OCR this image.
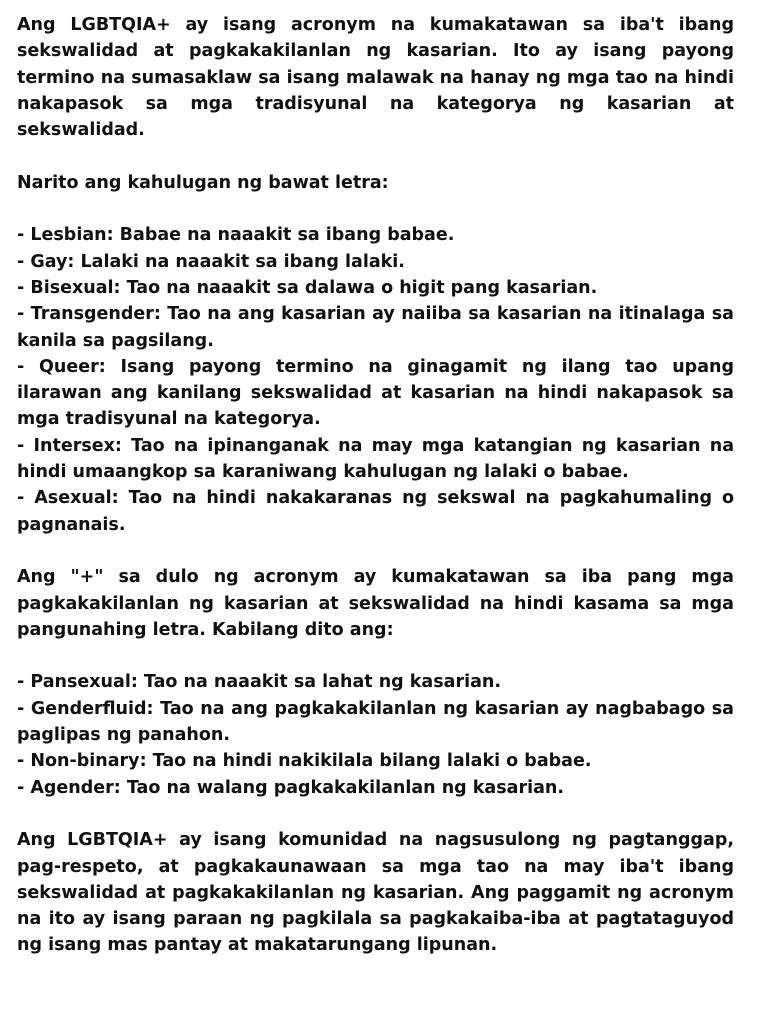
Ang LGBTQIA+ ay isang acronym na kumakatawan sa iba't ibang sekswalidad at pagkakakilanlan ng kasarian. Ito ay isang payong termino na sumasaklaw sa isang malawak na hanay ng mga tao na hindi nakapasok sa mga tradisyunal na kategorya ng kasarian at sekswalidad.

Narito ang kahulugan ng bawat letra:

- Lesbian: Babae na naaakit sa ibang babae.
- Gay: Lalaki na naaakit sa ibang lalaki.
- Bisexual: Tao na naaakit sa dalawa o higit pang kasarian.
- Transgender: Tao na ang kasarian ay naiiba sa kasarian na itinalaga sa kanila sa pagsilang.
- Queer: Isang payong termino na ginagamit ng ilang tao upang ilarawan ang kanilang sekswalidad at kasarian na hindi nakapasok sa mga tradisyunal na kategorya.
- Intersex: Tao na ipinanganak na may mga katangian ng kasarian na hindi umaangkop sa karaniwang kahulugan ng lalaki o babae.
- Asexual: Tao na hindi nakakaranas ng sekswal na pagkahumaling o pagnanais.

Ang "+" sa dulo ng acronym ay kumakatawan sa iba pang mga pagkakakilanlan ng kasarian at sekswalidad na hindi kasama sa mga pangunahing letra. Kabilang dito ang:

- Pansexual: Tao na naaakit sa lahat ng kasarian.
- Genderfluid: Tao na ang pagkakakilanlan ng kasarian ay nagbabago sa paglipas ng panahon.
- Non-binary: Tao na hindi nakikilala bilang lalaki o babae.
- Agender: Tao na walang pagkakakilanlan ng kasarian.

Ang LGBTQIA+ ay isang komunidad na nagsusulong ng pagtanggap, pag-respeto, at pagkakaunawaan sa mga tao na may iba't ibang sekswalidad at pagkakakilanlan ng kasarian. Ang paggamit ng acronym na ito ay isang paraan ng pagkilala sa pagkakaiba-iba at pagtataguyod ng isang mas pantay at makatarungang lipunan.
